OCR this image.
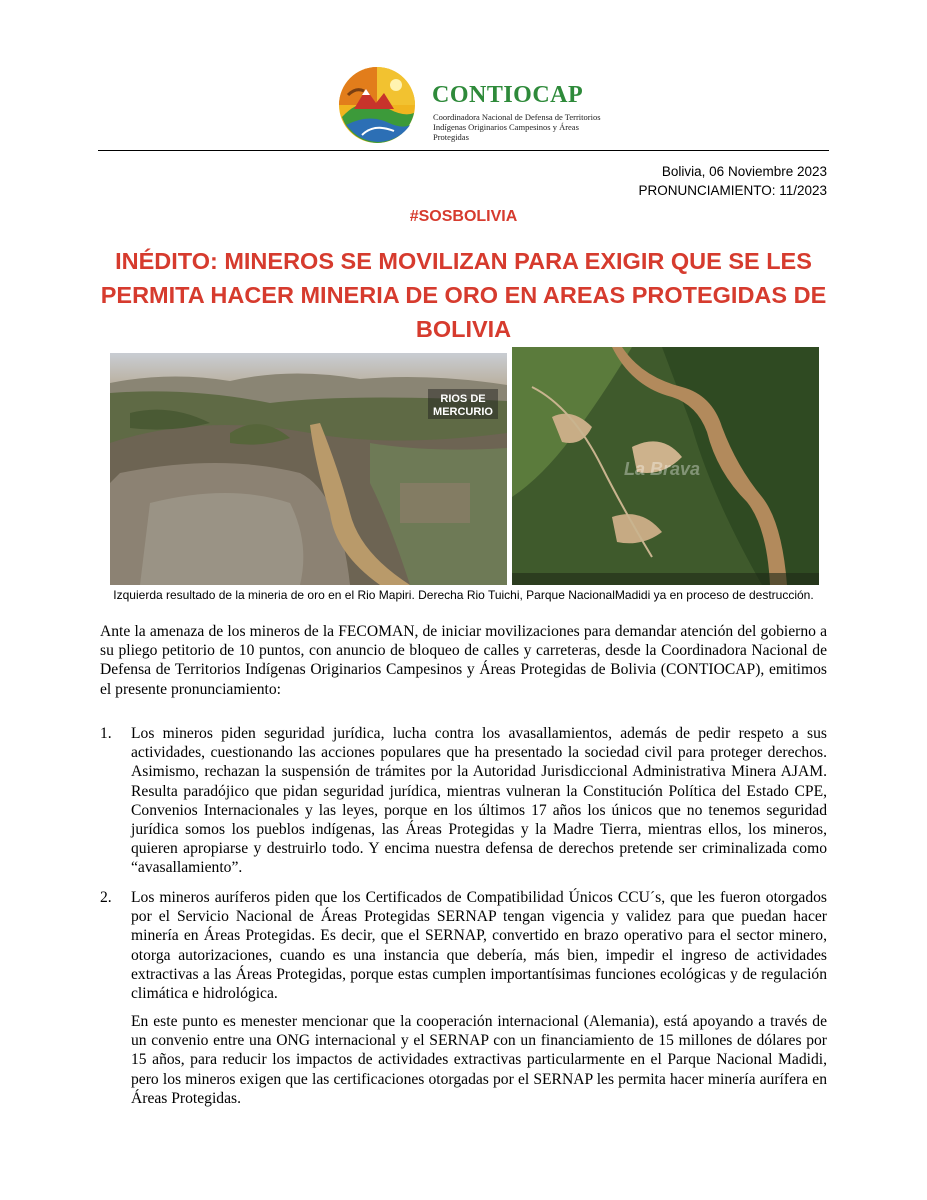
CONTIOCAP
Coordinadora Nacional de Defensa de Territorios
Indígenas Originarios Campesinos y Áreas Protegidas
Bolivia, 06 Noviembre 2023
PRONUNCIAMIENTO: 11/2023
#SOSBOLIVIA
INÉDITO: MINEROS SE MOVILIZAN PARA EXIGIR QUE SE LES PERMITA HACER MINERIA DE ORO EN AREAS PROTEGIDAS DE BOLIVIA
RIOS DE
MERCURIO
La Brava
Izquierda resultado de la mineria de oro en el Rio Mapiri. Derecha Rio Tuichi, Parque NacionalMadidi ya en proceso de destrucción.
Ante la amenaza de los mineros de la FECOMAN, de iniciar movilizaciones para demandar atención del gobierno a su pliego petitorio de 10 puntos, con anuncio de bloqueo de calles y carreteras, desde la Coordinadora Nacional de Defensa de Territorios Indígenas Originarios Campesinos y Áreas Protegidas de Bolivia (CONTIOCAP), emitimos el presente pronunciamiento:
1. Los mineros piden seguridad jurídica, lucha contra los avasallamientos, además de pedir respeto a sus actividades, cuestionando las acciones populares que ha presentado la sociedad civil para proteger derechos. Asimismo, rechazan la suspensión de trámites por la Autoridad Jurisdiccional Administrativa Minera AJAM. Resulta paradójico que pidan seguridad jurídica, mientras vulneran la Constitución Política del Estado CPE, Convenios Internacionales y las leyes, porque en los últimos 17 años los únicos que no tenemos seguridad jurídica somos los pueblos indígenas, las Áreas Protegidas y la Madre Tierra, mientras ellos, los mineros, quieren apropiarse y destruirlo todo. Y encima nuestra defensa de derechos pretende ser criminalizada como “avasallamiento”.
2. Los mineros auríferos piden que los Certificados de Compatibilidad Únicos CCU´s, que les fueron otorgados por el Servicio Nacional de Áreas Protegidas SERNAP tengan vigencia y validez para que puedan hacer minería en Áreas Protegidas. Es decir, que el SERNAP, convertido en brazo operativo para el sector minero, otorga autorizaciones, cuando es una instancia que debería, más bien, impedir el ingreso de actividades extractivas a las Áreas Protegidas, porque estas cumplen importantísimas funciones ecológicas y de regulación climática e hidrológica.
En este punto es menester mencionar que la cooperación internacional (Alemania), está apoyando a través de un convenio entre una ONG internacional y el SERNAP con un financiamiento de 15 millones de dólares por 15 años, para reducir los impactos de actividades extractivas particularmente en el Parque Nacional Madidi, pero los mineros exigen que las certificaciones otorgadas por el SERNAP les permita hacer minería aurífera en Áreas Protegidas.
